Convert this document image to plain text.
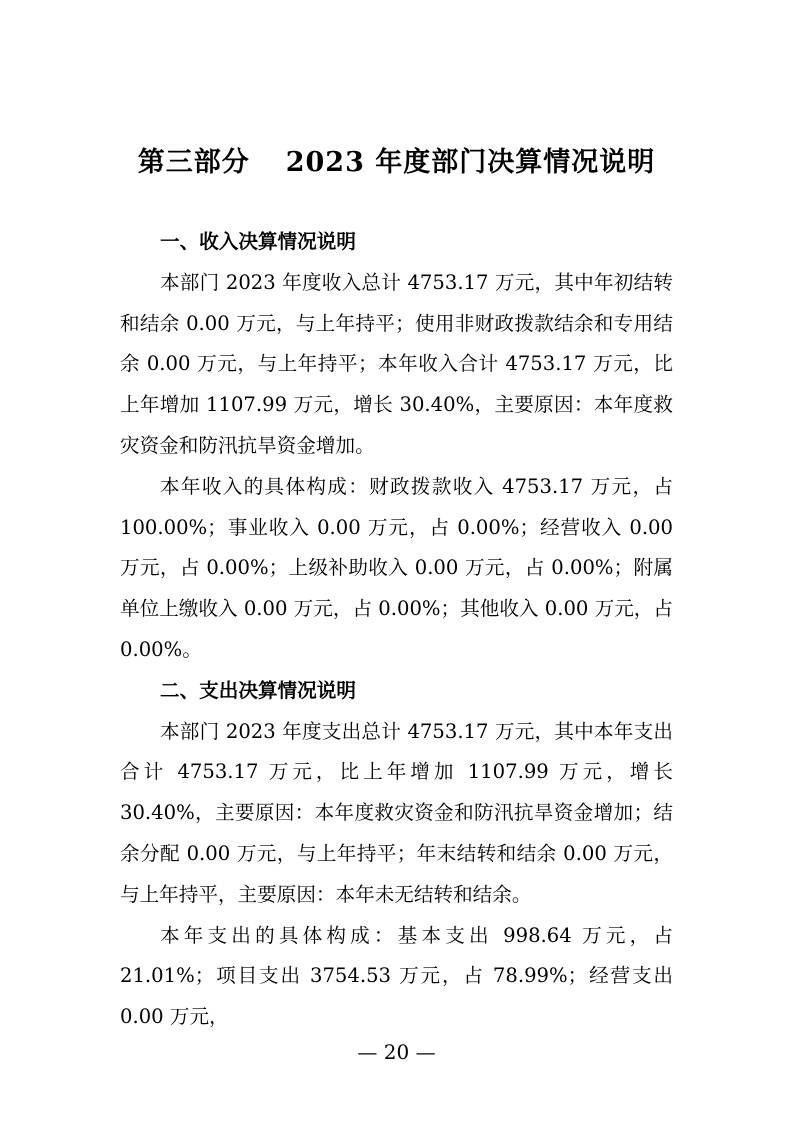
第三部分 2023 年度部门决算情况说明

一、收入决算情况说明

本部门 2023 年度收入总计 4753.17 万元，其中年初结转和结余 0.00 万元，与上年持平；使用非财政拨款结余和专用结余 0.00 万元，与上年持平；本年收入合计 4753.17 万元，比上年增加 1107.99 万元，增长 30.40%，主要原因：本年度救灾资金和防汛抗旱资金增加。

本年收入的具体构成：财政拨款收入 4753.17 万元，占 100.00%；事业收入 0.00 万元，占 0.00%；经营收入 0.00 万元，占 0.00%；上级补助收入 0.00 万元，占 0.00%；附属单位上缴收入 0.00 万元，占 0.00%；其他收入 0.00 万元，占 0.00%。

二、支出决算情况说明

本部门 2023 年度支出总计 4753.17 万元，其中本年支出合计 4753.17 万元，比上年增加 1107.99 万元，增长 30.40%，主要原因：本年度救灾资金和防汛抗旱资金增加；结余分配 0.00 万元，与上年持平；年末结转和结余 0.00 万元，与上年持平，主要原因：本年未无结转和结余。

本年支出的具体构成：基本支出 998.64 万元，占 21.01%；项目支出 3754.53 万元，占 78.99%；经营支出 0.00 万元，

— 20 —
